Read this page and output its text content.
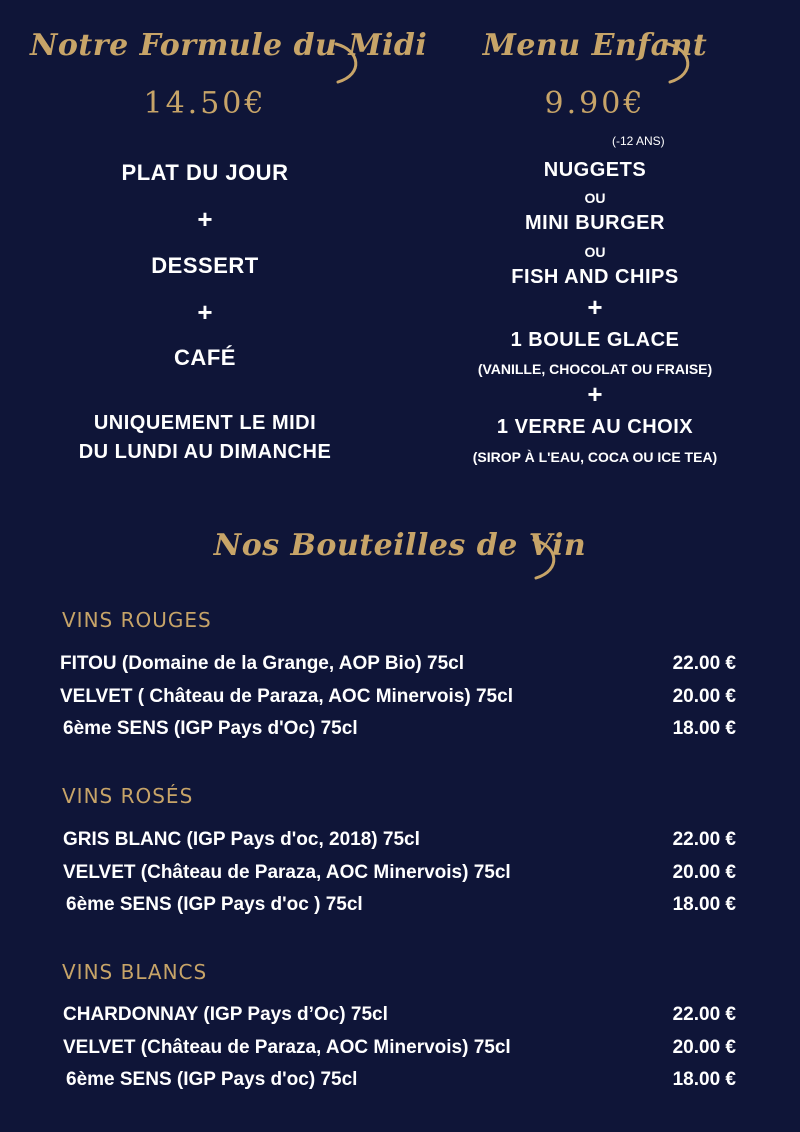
Notre Formule du Midi
14.50€
PLAT DU JOUR
+
DESSERT
+
CAFÉ
UNIQUEMENT LE MIDI
DU LUNDI AU DIMANCHE
Menu Enfant
9.90€
(-12 ANS)
NUGGETS
OU
MINI BURGER
OU
FISH AND CHIPS
+
1 BOULE GLACE
(VANILLE, CHOCOLAT OU FRAISE)
+
1 VERRE AU CHOIX
(SIROP À L'EAU, COCA OU ICE TEA)
Nos Bouteilles de Vin
VINS ROUGES
FITOU (Domaine de la Grange, AOP Bio) 75cl	22.00 €
VELVET ( Château de Paraza, AOC Minervois) 75cl	20.00 €
6ème SENS (IGP Pays d'Oc) 75cl	18.00 €
VINS ROSÉS
GRIS BLANC (IGP Pays d'oc, 2018) 75cl	22.00 €
VELVET (Château de Paraza, AOC Minervois) 75cl	20.00 €
6ème SENS (IGP Pays d'oc ) 75cl	18.00 €
VINS BLANCS
CHARDONNAY (IGP Pays d’Oc) 75cl	22.00 €
VELVET (Château de Paraza, AOC Minervois) 75cl	20.00 €
6ème SENS (IGP Pays d'oc) 75cl	18.00 €
